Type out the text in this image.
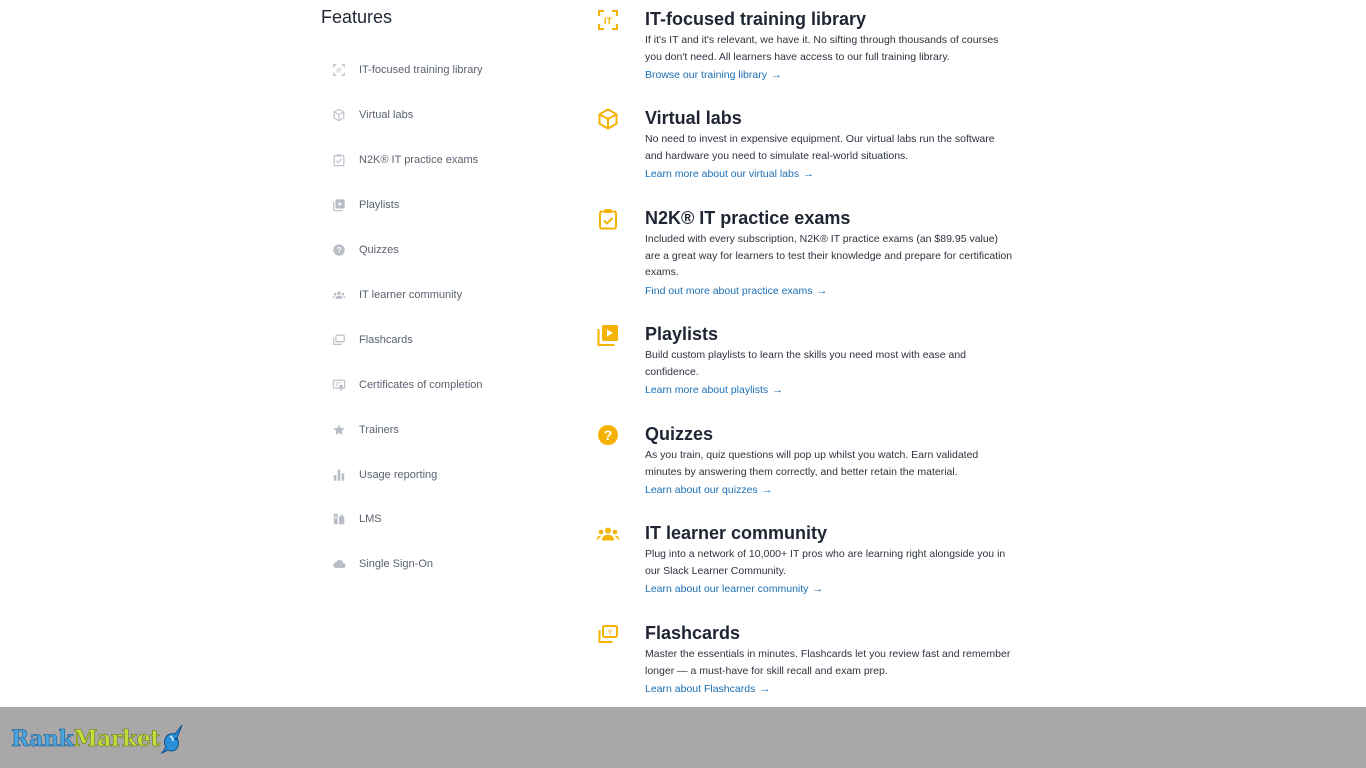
Features
IT IT-focused training library
Virtual labs
N2K® IT practice exams
Playlists
? Quizzes
IT learner community
Flashcards
Certificates of completion
Trainers
Usage reporting
LMS
Single Sign-On
IT IT-focused training library

If it's IT and it's relevant, we have it. No sifting through thousands of courses you don't need. All learners have access to our full training library.

Browse our training library →
Virtual labs

No need to invest in expensive equipment. Our virtual labs run the software and hardware you need to simulate real-world situations.

Learn more about our virtual labs →
N2K® IT practice exams

Included with every subscription, N2K® IT practice exams (an $89.95 value) are a great way for learners to test their knowledge and prepare for certification exams.

Find out more about practice exams →
Playlists

Build custom playlists to learn the skills you need most with ease and confidence.

Learn more about playlists →
? Quizzes

As you train, quiz questions will pop up whilst you watch. Earn validated minutes by answering them correctly, and better retain the material.

Learn about our quizzes →
IT learner community

Plug into a network of 10,000+ IT pros who are learning right alongside you in our Slack Learner Community.

Learn about our learner community →
? Flashcards

Master the essentials in minutes. Flashcards let you review fast and remember longer — a must-have for skill recall and exam prep.

Learn about Flashcards →
Rank Market
